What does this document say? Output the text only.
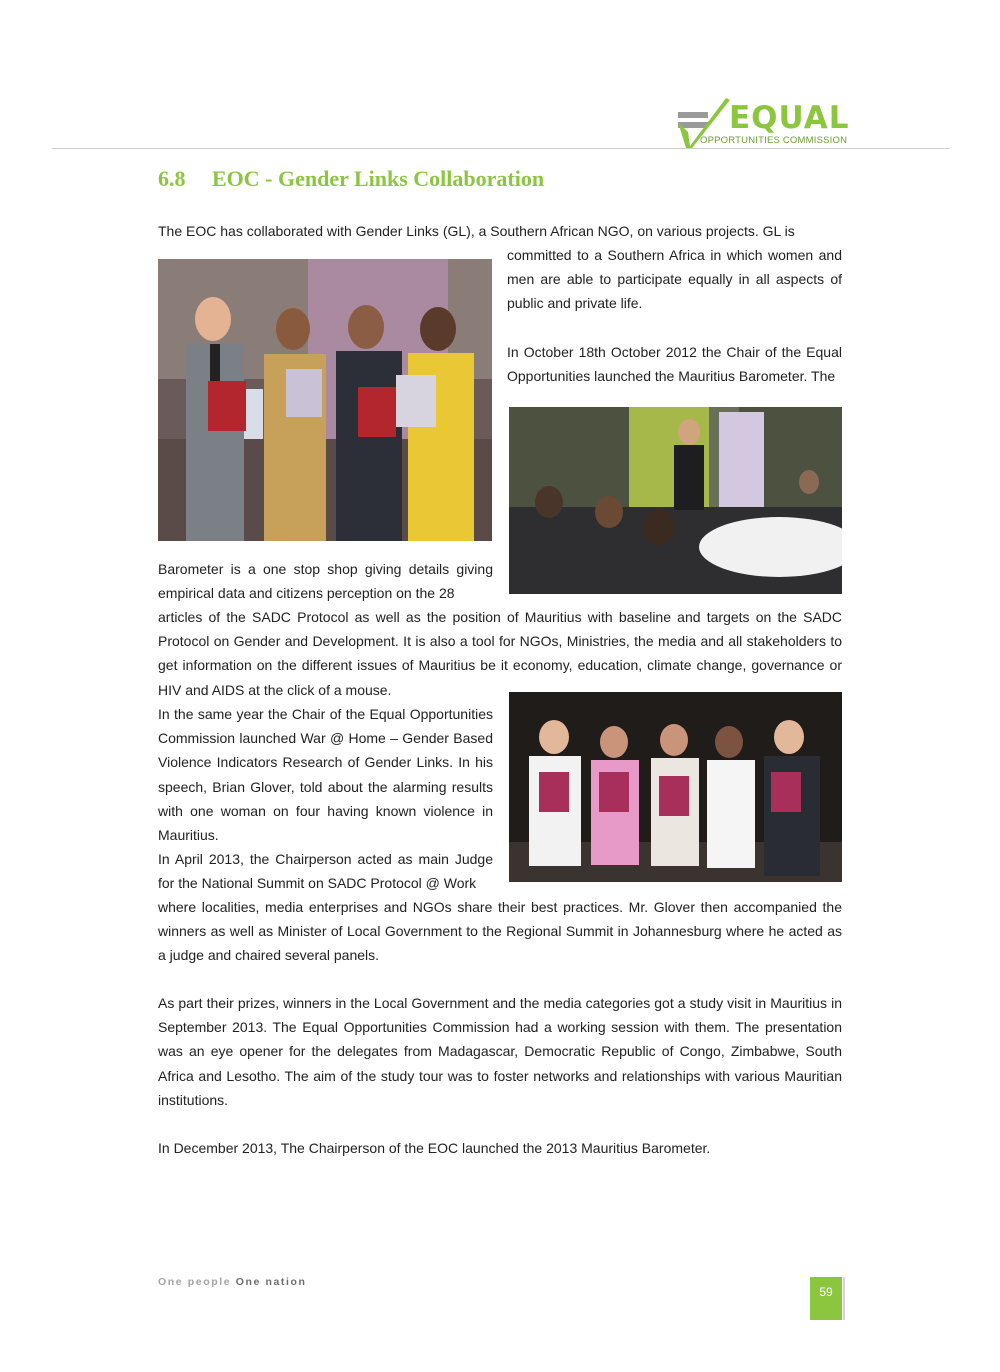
EQUAL
OPPORTUNITIES COMMISSION
6.8 EOC - Gender Links Collaboration

The EOC has collaborated with Gender Links (GL), a Southern African NGO, on various projects. GL is

committed to a Southern Africa in which women and men are able to participate equally in all aspects of public and private life.

In October 18th October 2012 the Chair of the Equal Opportunities launched the Mauritius Barometer. The

Barometer is a one stop shop giving details giving empirical data and citizens perception on the 28

articles of the SADC Protocol as well as the position of Mauritius with baseline and targets on the SADC Protocol on Gender and Development. It is also a tool for NGOs, Ministries, the media and all stakeholders to get information on the different issues of Mauritius be it economy, education, climate change, governance or HIV and AIDS at the click of a mouse.

In the same year the Chair of the Equal Opportunities Commission launched War @ Home – Gender Based Violence Indicators Research of Gender Links. In his speech, Brian Glover, told about the alarming results with one woman on four having known violence in Mauritius.

In April 2013, the Chairperson acted as main Judge for the National Summit on SADC Protocol @ Work

where localities, media enterprises and NGOs share their best practices. Mr. Glover then accompanied the winners as well as Minister of Local Government to the Regional Summit in Johannesburg where he acted as a judge and chaired several panels.

As part their prizes, winners in the Local Government and the media categories got a study visit in Mauritius in September 2013. The Equal Opportunities Commission had a working session with them. The presentation was an eye opener for the delegates from Madagascar, Democratic Republic of Congo, Zimbabwe, South Africa and Lesotho. The aim of the study tour was to foster networks and relationships with various Mauritian institutions.

In December 2013, The Chairperson of the EOC launched the 2013 Mauritius Barometer.

One people One nation
59
